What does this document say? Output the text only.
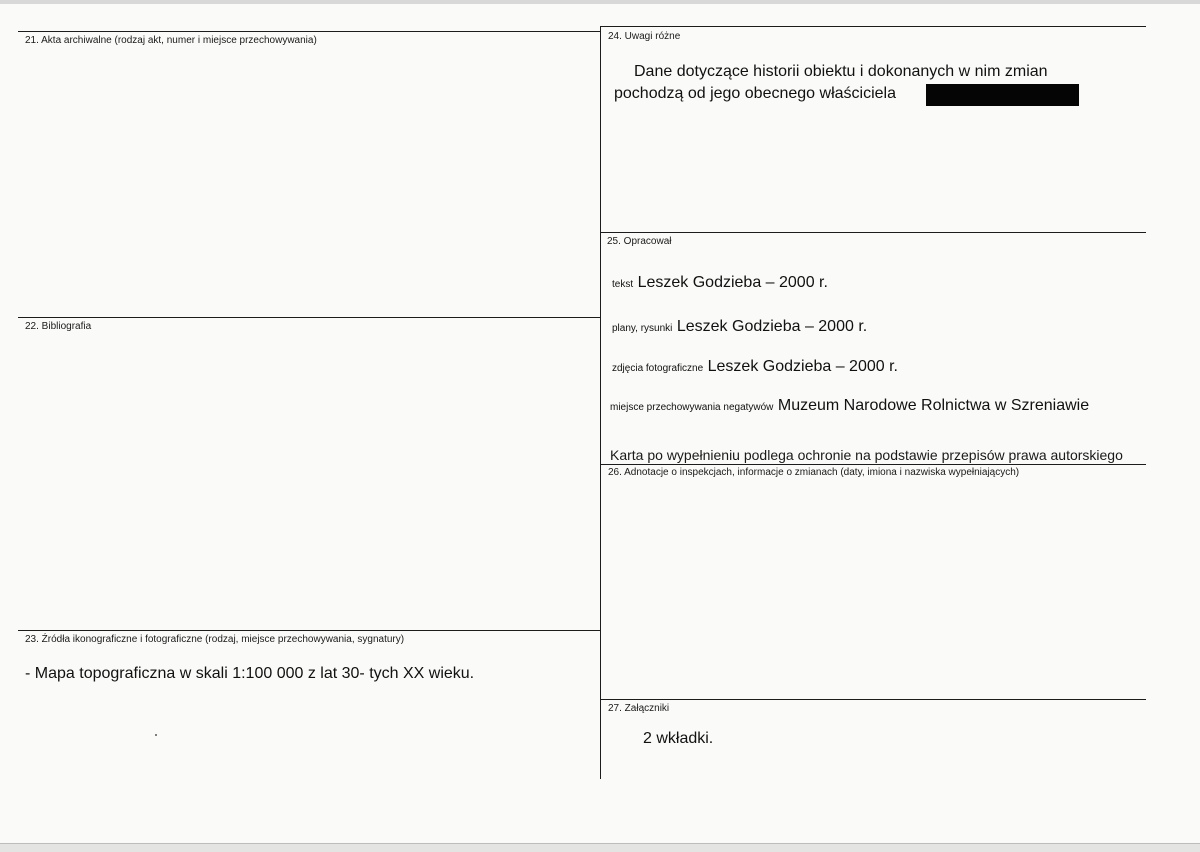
21. Akta archiwalne (rodzaj akt, numer i miejsce przechowywania)
22. Bibliografia
23. Źródła ikonograficzne i fotograficzne (rodzaj, miejsce przechowywania, sygnatury)
- Mapa topograficzna w skali 1:100 000 z lat 30- tych XX wieku.
24. Uwagi różne
Dane dotyczące historii obiektu i dokonanych w nim zmian
pochodzą od jego obecnego właściciela
25. Opracował
tekst Leszek Godzieba – 2000 r.
plany, rysunki Leszek Godzieba – 2000 r.
zdjęcia fotograficzne Leszek Godzieba – 2000 r.
miejsce przechowywania negatywów Muzeum Narodowe Rolnictwa w Szreniawie
Karta po wypełnieniu podlega ochronie na podstawie przepisów prawa autorskiego
26. Adnotacje o inspekcjach, informacje o zmianach (daty, imiona i nazwiska wypełniających)
27. Załączniki
2 wkładki.
